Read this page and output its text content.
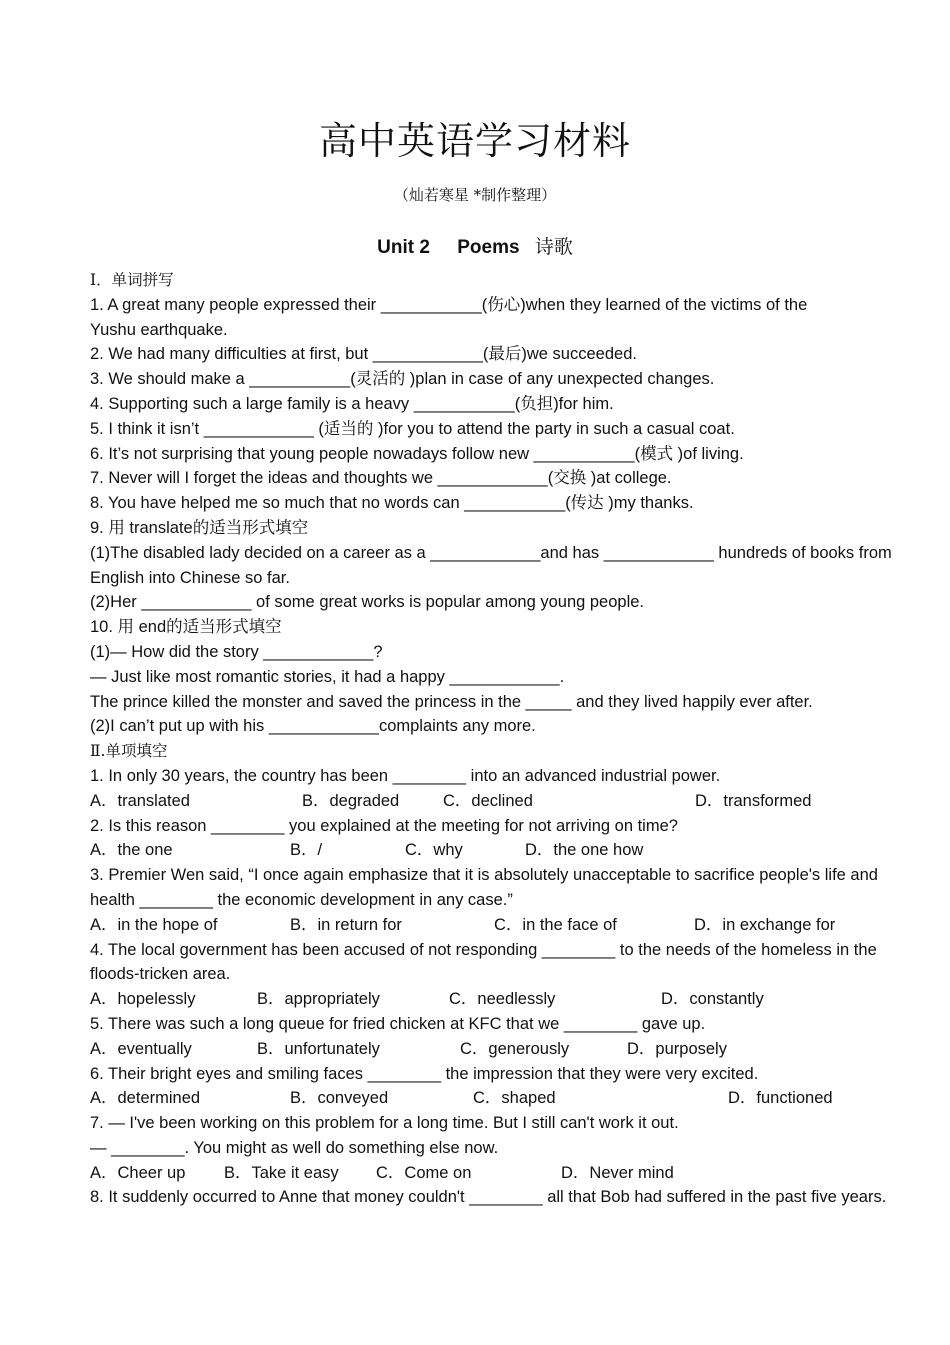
高中英语学习材料
（灿若寒星 *制作整理）
Unit 2 Poems 诗歌
Ⅰ．单词拼写
1. A great many people expressed their ___________(伤心)when they learned of the victims of the
Yushu earthquake.
2. We had many difficulties at first, but ____________(最后)we succeeded.
3. We should make a ___________(灵活的 )plan in case of any unexpected changes.
4. Supporting such a large family is a heavy ___________(负担)for him.
5. I think it isn’t ____________ (适当的 )for you to attend the party in such a casual coat.
6. It’s not surprising that young people nowadays follow new ___________(模式 )of living.
7. Never will I forget the ideas and thoughts we ____________(交换 )at college.
8. You have helped me so much that no words can ___________(传达 )my thanks.
9. 用 translate的适当形式填空
(1)The disabled lady decided on a career as a ____________and has ____________ hundreds of books from English into Chinese so far.
(2)Her ____________ of some great works is popular among young people.
10. 用 end的适当形式填空
(1)— How did the story ____________?
— Just like most romantic stories, it had a happy ____________.
The prince killed the monster and saved the princess in the _____ and they lived happily ever after.
(2)I can’t put up with his ____________complaints any more.
Ⅱ.单项填空
1. In only 30 years, the country has been ________ into an advanced industrial power.
A．translated	B．degraded	C．declined	D．transformed
2. Is this reason ________ you explained at the meeting for not arriving on time?
A．the one	B．/	C．why	D．the one how
3. Premier Wen said, “I once again emphasize that it is absolutely unacceptable to sacrifice people's life and health ________ the economic development in any case.”
A．in the hope of	B．in return for	C．in the face of	D．in exchange for
4. The local government has been accused of not responding ________ to the needs of the homeless in the floods-tricken area.
A．hopelessly	B．appropriately	C．needlessly	D．constantly
5. There was such a long queue for fried chicken at KFC that we ________ gave up.
A．eventually	B．unfortunately	C．generously	D．purposely
6. Their bright eyes and smiling faces ________ the impression that they were very excited.
A．determined	B．conveyed	C．shaped	D．functioned
7. — I've been working on this problem for a long time. But I still can't work it out.
— ________. You might as well do something else now.
A．Cheer up	B．Take it easy	C．Come on	D．Never mind
8. It suddenly occurred to Anne that money couldn't ________ all that Bob had suffered in the past five years.
